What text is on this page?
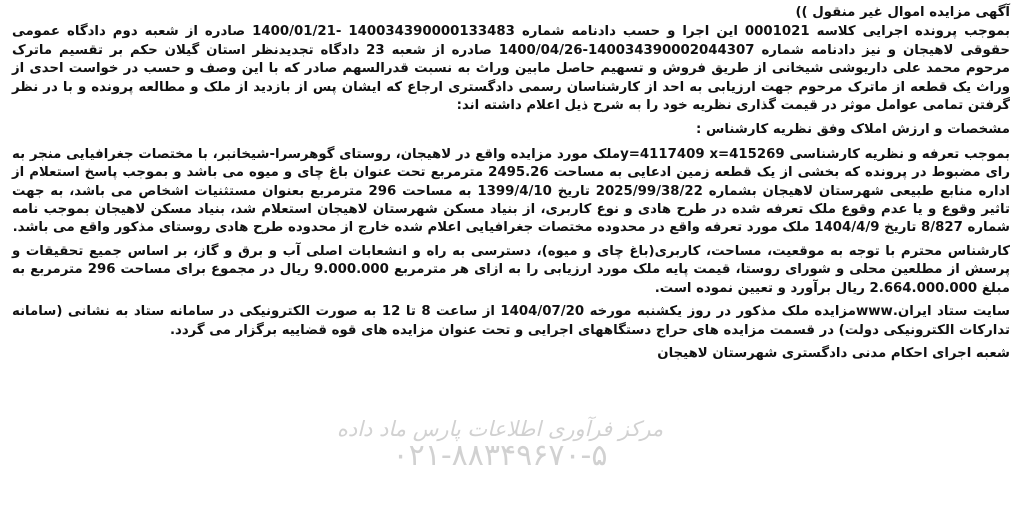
آگهی مزایده اموال غیر منقول ))

بموجب پرونده اجرایی کلاسه 0001021 این اجرا و حسب دادنامه شماره 140034390000133483 -1400/01/21 صادره از شعبه دوم دادگاه عمومی حقوقی لاهیجان و نیز دادنامه شماره 140034390002044307-1400/04/26 صادره از شعبه 23 دادگاه تجدیدنظر استان گیلان حکم بر تقسیم ماترک مرحوم محمد علی داریوشی شیخانی از طریق فروش و تسهیم حاصل مابین وراث به نسبت قدرالسهم صادر که با این وصف و حسب در خواست احدی از وراث یک قطعه از ماترک مرحوم جهت ارزیابی به احد از کارشناسان رسمی دادگستری ارجاع که ایشان پس از بازدید از ملک و مطالعه پرونده و با در نظر گرفتن تمامی عوامل موثر در قیمت گذاری نظریه خود را به شرح ذیل اعلام داشته اند:

مشخصات و ارزش املاک وفق نظریه کارشناس :

بموجب تعرفه و نظریه کارشناسی y=4117409 x=415269ملک مورد مزایده واقع در لاهیجان، روستای گوهرسرا-شیخانبر، با مختصات جغرافیایی منجر به رای مضبوط در پرونده که بخشی از یک قطعه زمین ادعایی به مساحت 2495.26 مترمربع تحت عنوان باغ چای و میوه می باشد و بموجب پاسخ استعلام از اداره منابع طبیعی شهرستان لاهیجان بشماره 2025/99/38/22 تاریخ 1399/4/10 به مساحت 296 مترمربع بعنوان مستثنیات اشخاص می باشد، به جهت تاثیر وقوع و یا عدم وقوع ملک تعرفه شده در طرح هادی و نوع کاربری، از بنیاد مسکن شهرستان لاهیجان استعلام شد، بنیاد مسکن لاهیجان بموجب نامه شماره 8/827 تاریخ 1404/4/9 ملک مورد تعرفه واقع در محدوده مختصات جغرافیایی اعلام شده خارج از محدوده طرح هادی روستای مذکور واقع می باشد.

کارشناس محترم با توجه به موقعیت، مساحت، کاربری(باغ چای و میوه)، دسترسی به راه و انشعابات اصلی آب و برق و گاز، بر اساس جمیع تحقیقات و پرسش از مطلعین محلی و شورای روستا، قیمت پایه ملک مورد ارزیابی را به ازای هر مترمربع 9.000.000 ریال در مجموع برای مساحت 296 مترمربع به مبلغ 2.664.000.000 ریال برآورد و تعیین نموده است.

سایت ستاد ایران.wwwمزایده ملک مذکور در روز یکشنبه مورخه 1404/07/20 از ساعت 8 تا 12 به صورت الکترونیکی در سامانه ستاد به نشانی (سامانه تدارکات الکترونیکی دولت) در قسمت مزایده های حراج دستگاههای اجرایی و تحت عنوان مزایده های قوه قضاییه برگزار می گردد.

شعبه اجرای احکام مدنی دادگستری شهرستان لاهیجان

مرکز فرآوری اطلاعات پارس ماد داده
۰۲۱-۸۸۳۴۹۶۷۰-۵
